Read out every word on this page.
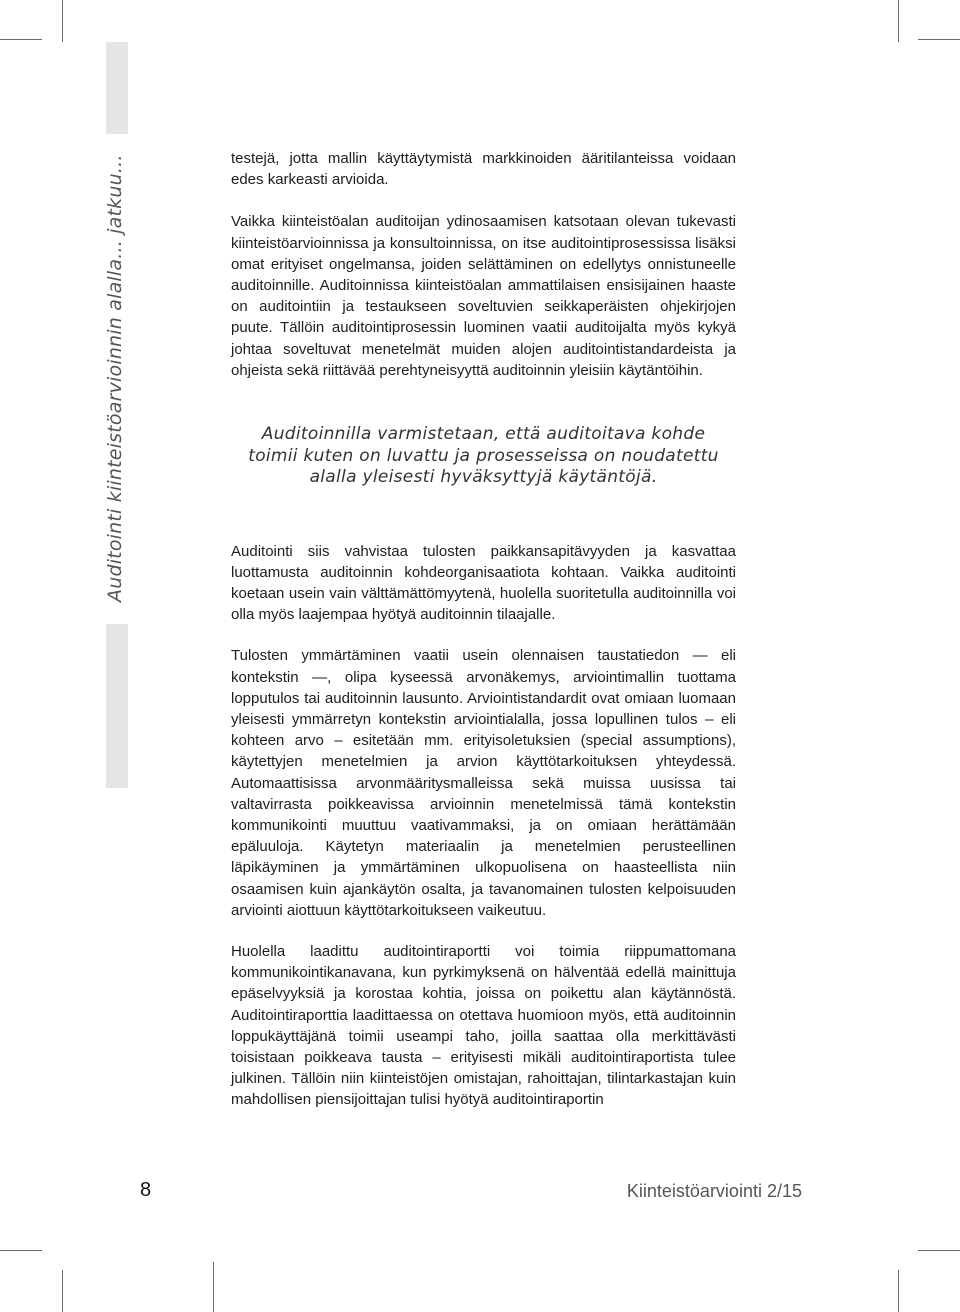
Auditointi kiinteistöarvioinnin alalla... jatkuu...	testejä, jotta mallin käyttäytymistä markkinoiden ääritilanteissa voidaan edes karkeasti arvioida.

Vaikka kiinteistöalan auditoijan ydinosaamisen katsotaan olevan tukevasti kiinteistöarvioinnissa ja konsultoinnissa, on itse auditointiprosessissa lisäksi omat erityiset ongelmansa, joiden selättäminen on edellytys onnistuneelle auditoinnille. Auditoinnissa kiinteistöalan ammattilaisen ensisijainen haaste on auditointiin ja testaukseen soveltuvien seikkaperäisten ohjekirjojen puute. Tällöin auditointiprosessin luominen vaatii auditoijalta myös kykyä johtaa soveltuvat menetelmät muiden alojen auditointistandardeista ja ohjeista sekä riittävää perehtyneisyyttä auditoinnin yleisiin käytäntöihin.

Auditoinnilla varmistetaan, että auditoitava kohde
toimii kuten on luvattu ja prosesseissa on noudatettu
alalla yleisesti hyväksyttyjä käytäntöjä.

Auditointi siis vahvistaa tulosten paikkansapitävyyden ja kasvattaa luottamusta auditoinnin kohdeorganisaatiota kohtaan. Vaikka auditointi koetaan usein vain välttämättömyytenä, huolella suoritetulla auditoinnilla voi olla myös laajempaa hyötyä auditoinnin tilaajalle.

Tulosten ymmärtäminen vaatii usein olennaisen taustatiedon — eli kontekstin —, olipa kyseessä arvonäkemys, arviointimallin tuottama lopputulos tai auditoinnin lausunto. Arviointistandardit ovat omiaan luomaan yleisesti ymmärretyn kontekstin arviointialalla, jossa lopullinen tulos – eli kohteen arvo – esitetään mm. erityisoletuksien (special assumptions), käytettyjen menetelmien ja arvion käyttötarkoituksen yhteydessä. Automaattisissa arvonmääritysmalleissa sekä muissa uusissa tai valtavirrasta poikkeavissa arvioinnin menetelmissä tämä kontekstin kommunikointi muuttuu vaativammaksi, ja on omiaan herättämään epäluuloja. Käytetyn materiaalin ja menetelmien perusteellinen läpikäyminen ja ymmärtäminen ulkopuolisena on haasteellista niin osaamisen kuin ajankäytön osalta, ja tavanomainen tulosten kelpoisuuden arviointi aiottuun käyttötarkoitukseen vaikeutuu.

Huolella laadittu auditointiraportti voi toimia riippumattomana kommunikointikanavana, kun pyrkimyksenä on hälventää edellä mainittuja epäselvyyksiä ja korostaa kohtia, joissa on poikettu alan käytännöstä. Auditointiraporttia laadittaessa on otettava huomioon myös, että auditoinnin loppukäyttäjänä toimii useampi taho, joilla saattaa olla merkittävästi toisistaan poikkeava tausta – erityisesti mikäli auditointiraportista tulee julkinen. Tällöin niin kiinteistöjen omistajan, rahoittajan, tilintarkastajan kuin mahdollisen piensijoittajan tulisi hyötyä auditointiraportin

8	Kiinteistöarviointi 2/15
